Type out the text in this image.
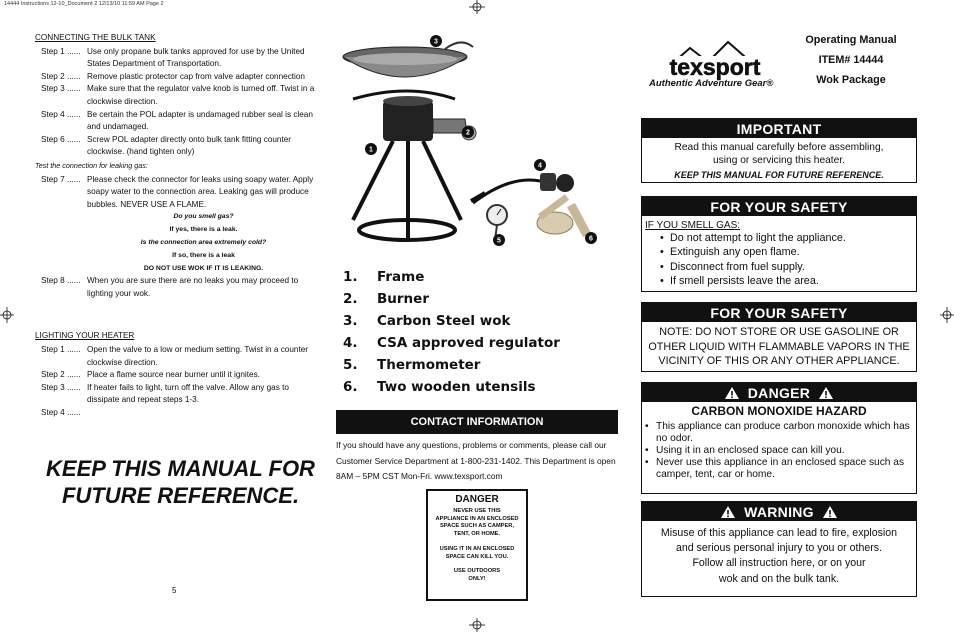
14444 Instructions 12-10_Document 2 12/13/10 11:59 AM Page 2
CONNECTING THE BULK TANK
Step 1 ...... Use only propane bulk tanks approved for use by the United States Department of Transportation.
Step 2 ...... Remove plastic protector cap from valve adapter connection
Step 3 ...... Make sure that the regulator valve knob is turned off. Twist in a clockwise direction.
Step 4 ...... Be certain the POL adapter is undamaged rubber seal is clean and undamaged.
Step 6 ...... Screw POL adapter directly onto bulk tank fitting counter clockwise. (hand tighten only)
Test the connection for leaking gas:
Step 7 ...... Please check the connector for leaks using soapy water. Apply soapy water to the connection area. Leaking gas will produce bubbles. NEVER USE A FLAME.
Do you smell gas?
If yes, there is a leak.
Is the connection area extremely cold?
If so, there is a leak
DO NOT USE WOK IF IT IS LEAKING.
Step 8 ...... When you are sure there are no leaks you may proceed to lighting your wok.
LIGHTING YOUR HEATER
Step 1 ...... Open the valve to a low or medium setting. Twist in a counter clockwise direction.
Step 2 ...... Place a flame source near burner until it ignites.
Step 3 ...... If heater fails to light, turn off the valve. Allow any gas to dissipate and repeat steps 1-3.
Step 4 ......
KEEP THIS MANUAL FOR
FUTURE REFERENCE.
5
1
2
3
4
5	6
1.	Frame
2.	Burner
3.	Carbon Steel wok
4.	CSA approved regulator
5.	Thermometer
6.	Two wooden utensils
CONTACT INFORMATION
If you should have any questions, problems or comments, please call our Customer Service Department at 1-800-231-1402. This Department is open 8AM – 5PM CST Mon-Fri. www.texsport.com
DANGER
NEVER USE THIS
APPLIANCE IN AN ENCLOSED
SPACE SUCH AS CAMPER,
TENT, OR HOME.
USING IT IN AN ENCLOSED
SPACE CAN KILL YOU.
USE OUTDOORS
ONLY!
texsport
Authentic Adventure Gear®
Operating Manual
ITEM# 14444
Wok Package
IMPORTANT

Read this manual carefully before assembling,

using or servicing this heater.

KEEP THIS MANUAL FOR FUTURE REFERENCE.

FOR YOUR SAFETY
IF YOU SMELL GAS:
• Do not attempt to light the appliance.
• Extinguish any open flame.
• Disconnect from fuel supply.
• If smell persists leave the area.
FOR YOUR SAFETY

NOTE: DO NOT STORE OR USE GASOLINE OR
OTHER LIQUID WITH FLAMMABLE VAPORS IN THE
VICINITY OF THIS OR ANY OTHER APPLIANCE.

DANGER
CARBON MONOXIDE HAZARD
• This appliance can produce carbon monoxide which has no odor.
• Using it in an enclosed space can kill you.
• Never use this appliance in an enclosed space such as camper, tent, car or home.
WARNING

Misuse of this appliance can lead to fire, explosion
and serious personal injury to you or others.
Follow all instruction here, or on your
wok and on the bulk tank.
